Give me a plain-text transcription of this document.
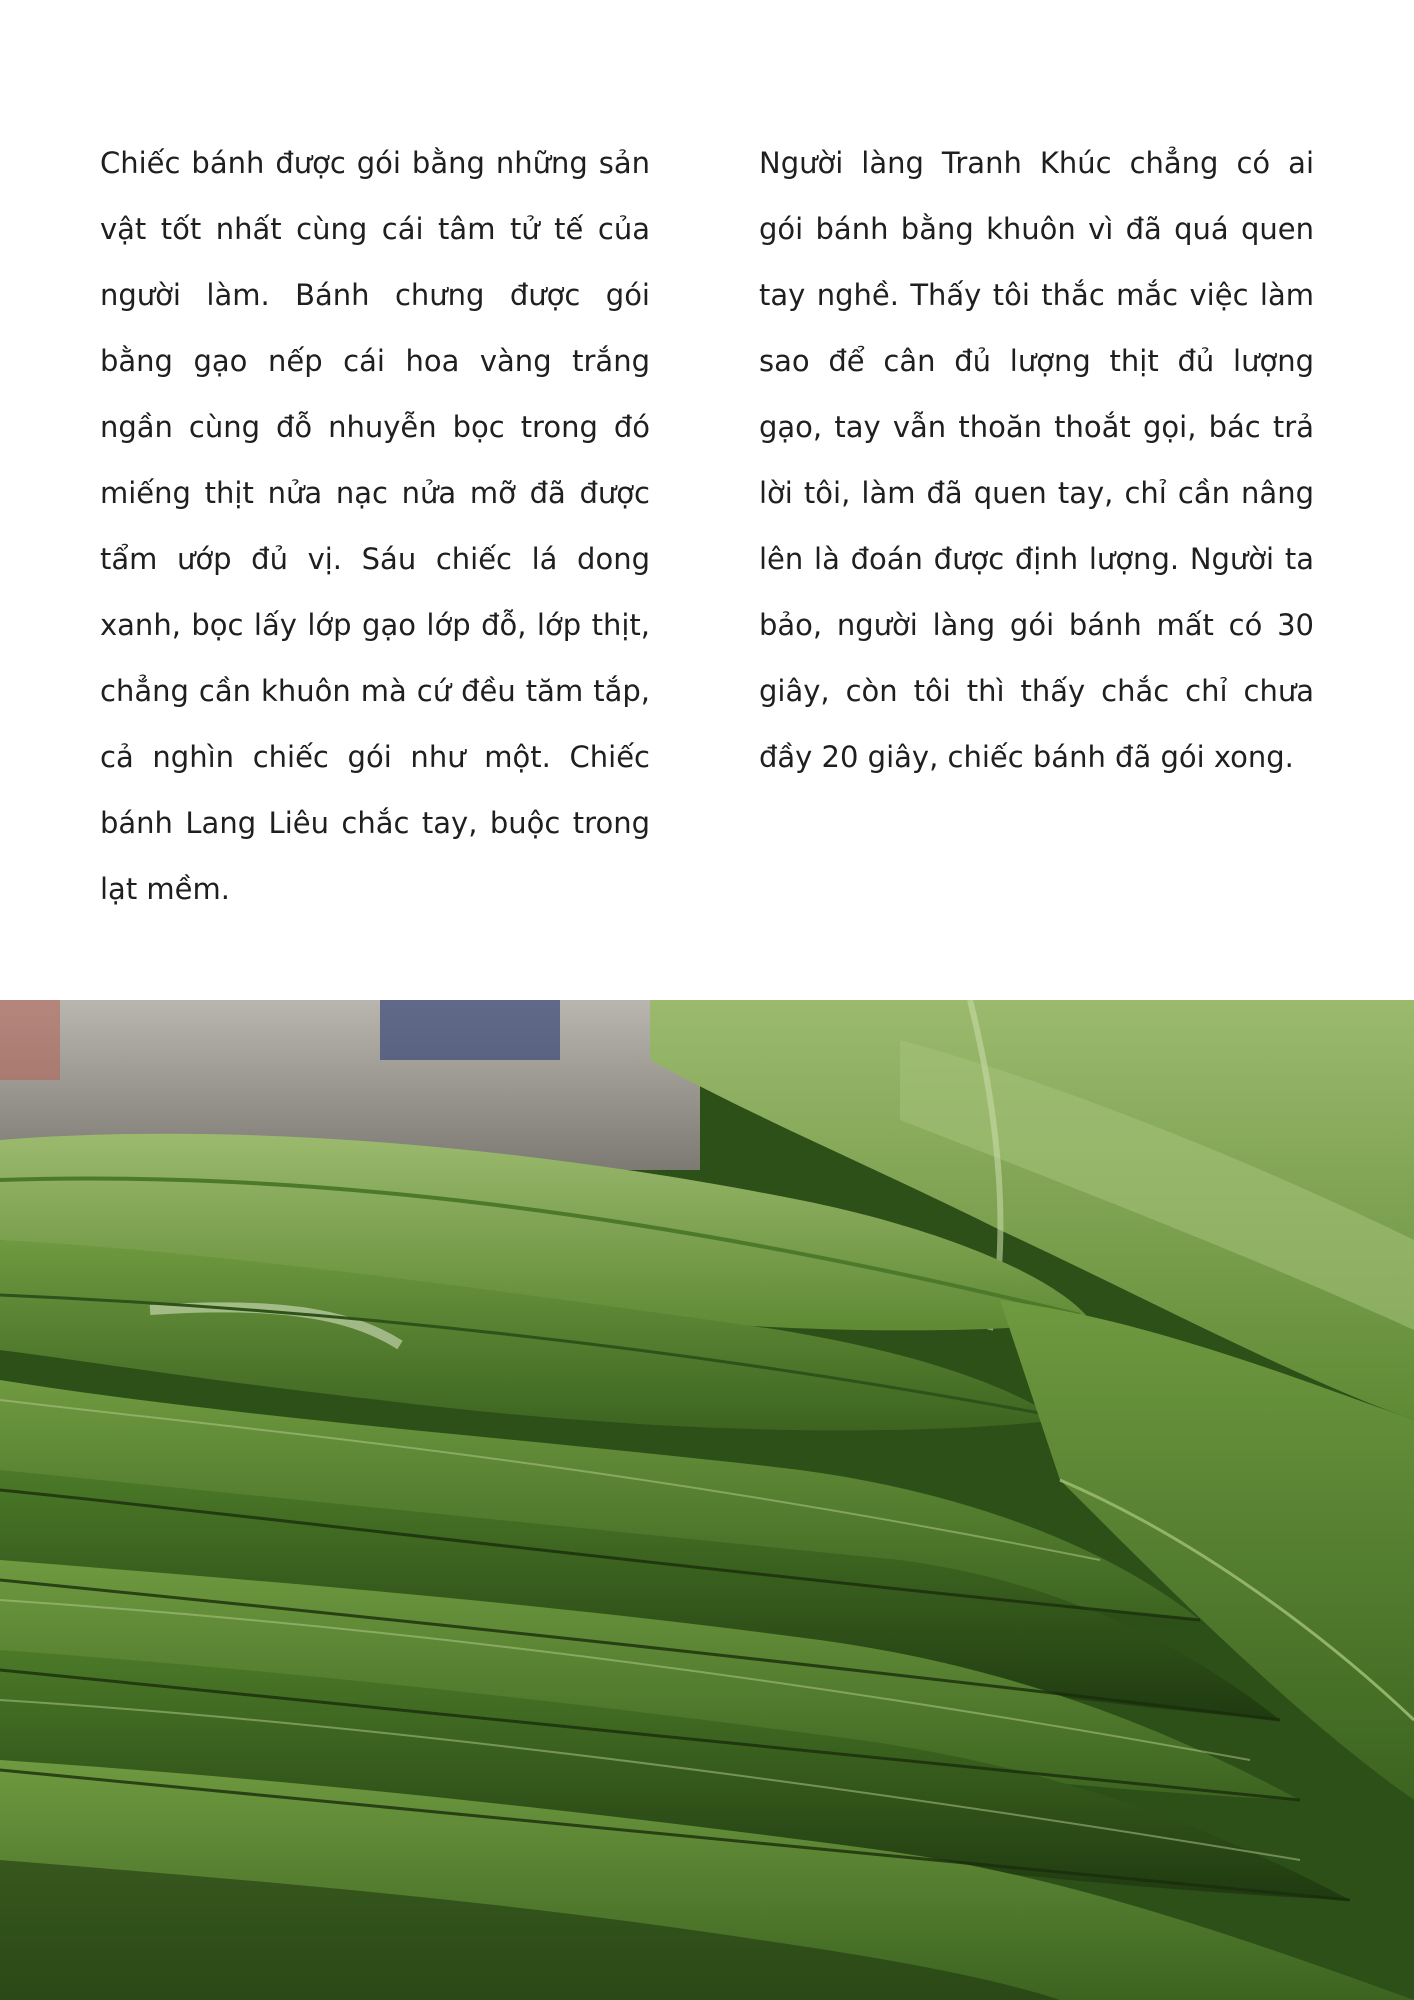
Chiếc bánh được gói bằng những sản vật tốt nhất cùng cái tâm tử tế của người làm. Bánh chưng được gói bằng gạo nếp cái hoa vàng trắng ngần cùng đỗ nhuyễn bọc trong đó miếng thịt nửa nạc nửa mỡ đã được tẩm ướp đủ vị. Sáu chiếc lá dong xanh, bọc lấy lớp gạo lớp đỗ, lớp thịt, chẳng cần khuôn mà cứ đều tăm tắp, cả nghìn chiếc gói như một. Chiếc bánh Lang Liêu chắc tay, buộc trong lạt mềm.

Người làng Tranh Khúc chẳng có ai gói bánh bằng khuôn vì đã quá quen tay nghề. Thấy tôi thắc mắc việc làm sao để cân đủ lượng thịt đủ lượng gạo, tay vẫn thoăn thoắt gọi, bác trả lời tôi, làm đã quen tay, chỉ cần nâng lên là đoán được định lượng. Người ta bảo, người làng gói bánh mất có 30 giây, còn tôi thì thấy chắc chỉ chưa đầy 20 giây, chiếc bánh đã gói xong.
